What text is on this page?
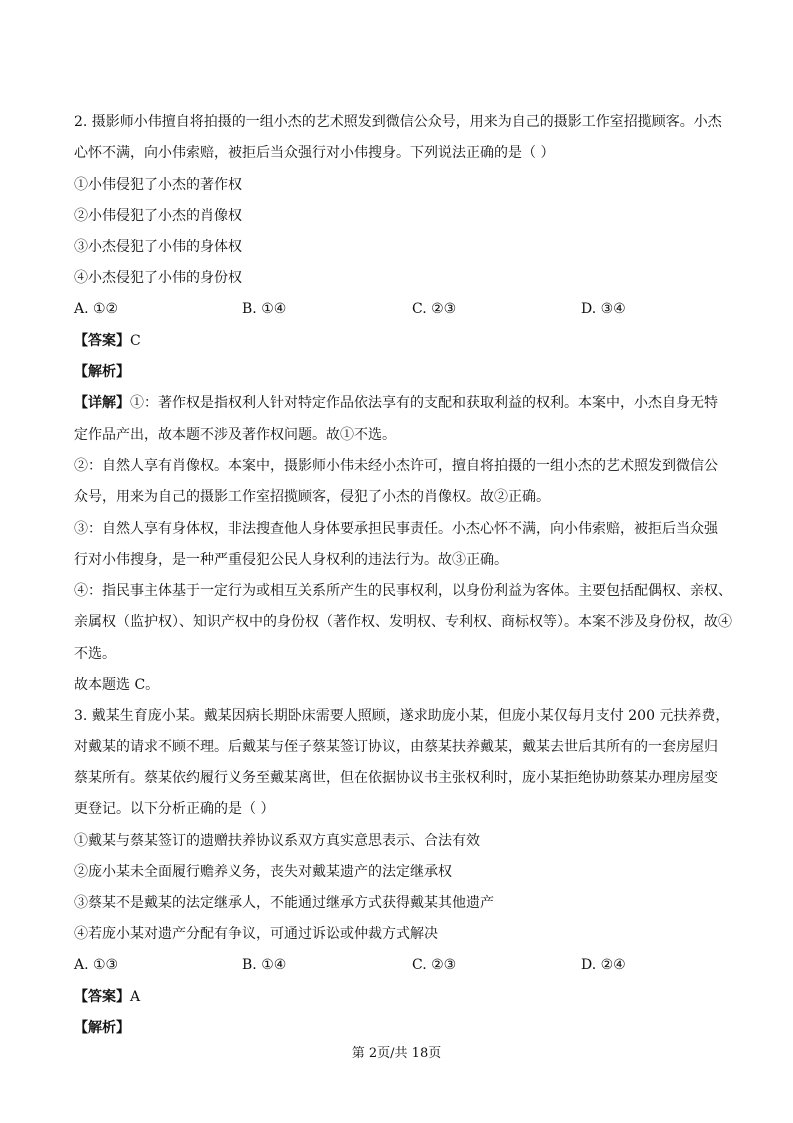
2. 摄影师小伟擅自将拍摄的一组小杰的艺术照发到微信公众号，用来为自己的摄影工作室招揽顾客。小杰
心怀不满，向小伟索赔，被拒后当众强行对小伟搜身。下列说法正确的是（ ）
①小伟侵犯了小杰的著作权
②小伟侵犯了小杰的肖像权
③小杰侵犯了小伟的身体权
④小杰侵犯了小伟的身份权
A. ①②	B. ①④	C. ②③	D. ③④
【答案】C
【解析】
【详解】①：著作权是指权利人针对特定作品依法享有的支配和获取利益的权利。本案中，小杰自身无特
定作品产出，故本题不涉及著作权问题。故①不选。
②：自然人享有肖像权。本案中，摄影师小伟未经小杰许可，擅自将拍摄的一组小杰的艺术照发到微信公
众号，用来为自己的摄影工作室招揽顾客，侵犯了小杰的肖像权。故②正确。
③：自然人享有身体权，非法搜查他人身体要承担民事责任。小杰心怀不满，向小伟索赔，被拒后当众强
行对小伟搜身，是一种严重侵犯公民人身权利的违法行为。故③正确。
④：指民事主体基于一定行为或相互关系所产生的民事权利，以身份利益为客体。主要包括配偶权、亲权、
亲属权（监护权）、知识产权中的身份权（著作权、发明权、专利权、商标权等）。本案不涉及身份权，故④
不选。
故本题选 C。
3. 戴某生育庞小某。戴某因病长期卧床需要人照顾，遂求助庞小某，但庞小某仅每月支付 200 元扶养费，
对戴某的请求不顾不理。后戴某与侄子蔡某签订协议，由蔡某扶养戴某，戴某去世后其所有的一套房屋归
蔡某所有。蔡某依约履行义务至戴某离世，但在依据协议书主张权利时，庞小某拒绝协助蔡某办理房屋变
更登记。以下分析正确的是（ ）
①戴某与蔡某签订的遗赠扶养协议系双方真实意思表示、合法有效
②庞小某未全面履行赡养义务，丧失对戴某遗产的法定继承权
③蔡某不是戴某的法定继承人，不能通过继承方式获得戴某其他遗产
④若庞小某对遗产分配有争议，可通过诉讼或仲裁方式解决
A. ①③	B. ①④	C. ②③	D. ②④
【答案】A
【解析】
第 2页/共 18页
